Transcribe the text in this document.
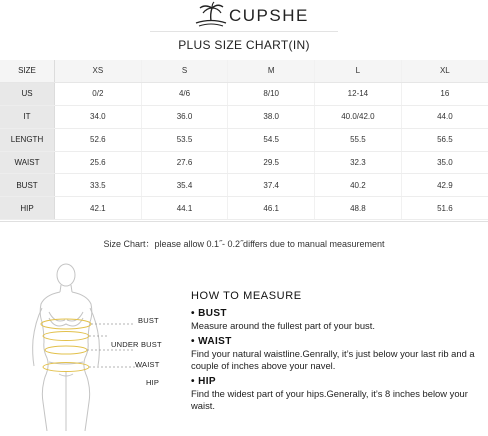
CUPSHE
PLUS SIZE CHART(IN)
SIZE	XS	S	M	L	XL
US	0/2	4/6	8/10	12-14	16
IT	34.0	36.0	38.0	40.0/42.0	44.0
LENGTH	52.6	53.5	54.5	55.5	56.5
WAIST	25.6	27.6	29.5	32.3	35.0
BUST	33.5	35.4	37.4	40.2	42.9
HIP	42.1	44.1	46.1	48.8	51.6
Size Chart：please allow 0.1˝- 0.2˝differs due to manual measurement
BUST
UNDER BUST
WAIST
HIP
HOW TO MEASURE
• BUST
Measure around the fullest part of your bust.
• WAIST
Find your natural waistline.Genrally, it’s just below your last rib and a couple of inches above your navel.
• HIP
Find the widest part of your hips.Generally, it’s 8 inches below your waist.
